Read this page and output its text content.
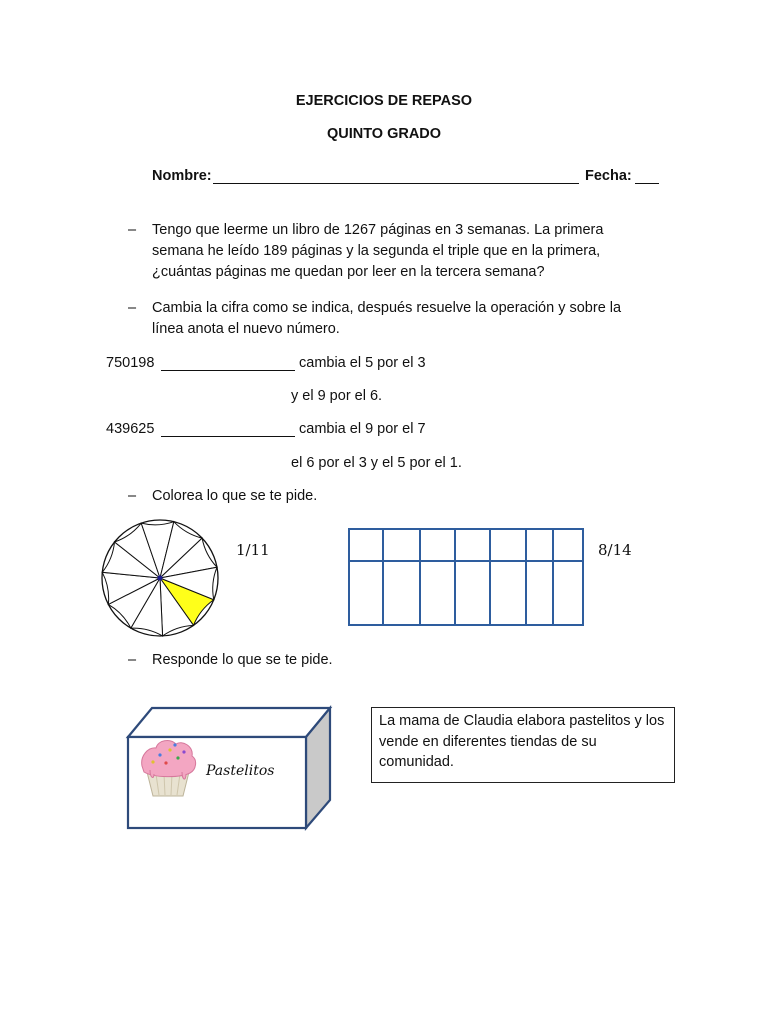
EJERCICIOS DE REPASO
QUINTO GRADO
Nombre:	Fecha:
– Tengo que leerme un libro de 1267 páginas en 3 semanas. La primera
semana he leído 189 páginas y la segunda el triple que en la primera,
¿cuántas páginas me quedan por leer en la tercera semana?
– Cambia la cifra como se indica, después resuelve la operación y sobre la
línea anota el nuevo número.
750198	cambia el 5 por el 3
y el 9 por el 6.
439625	cambia el 9 por el 7
el 6 por el 3 y el 5 por el 1.
– Colorea lo que se te pide.
1/11	8/14
– Responde lo que se te pide.
Pastelitos
La mama de Claudia elabora pastelitos y los vende en diferentes tiendas de su comunidad.
